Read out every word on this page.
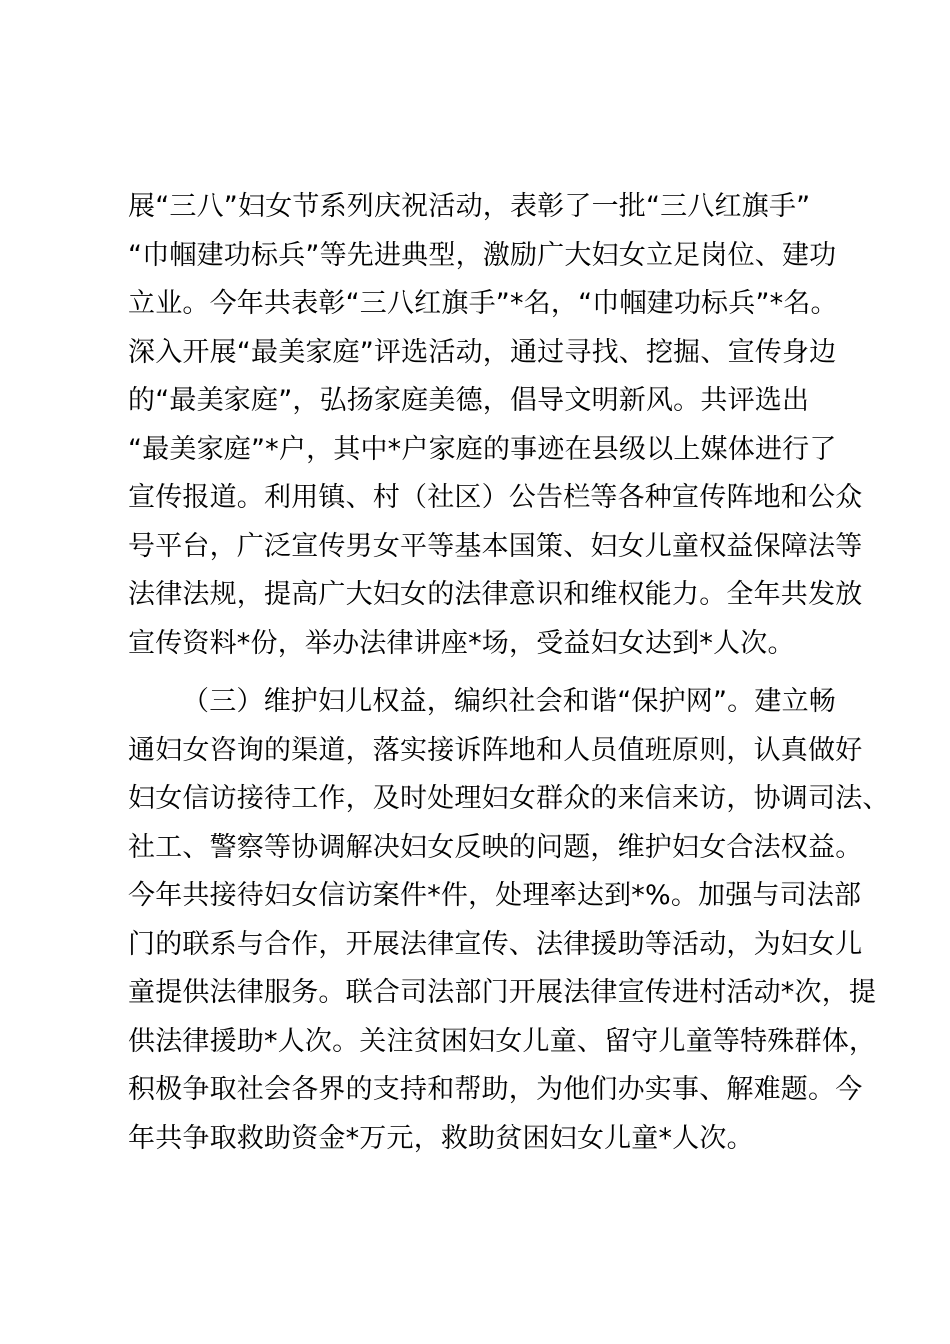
展“三八”妇女节系列庆祝活动，表彰了一批“三八红旗手”
“巾帼建功标兵”等先进典型，激励广大妇女立足岗位、建功
立业。今年共表彰“三八红旗手”*名，“巾帼建功标兵”*名。
深入开展“最美家庭”评选活动，通过寻找、挖掘、宣传身边
的“最美家庭”，弘扬家庭美德，倡导文明新风。共评选出
“最美家庭”*户，其中*户家庭的事迹在县级以上媒体进行了
宣传报道。利用镇、村（社区）公告栏等各种宣传阵地和公众
号平台，广泛宣传男女平等基本国策、妇女儿童权益保障法等
法律法规，提高广大妇女的法律意识和维权能力。全年共发放
宣传资料*份，举办法律讲座*场，受益妇女达到*人次。
（三）维护妇儿权益，编织社会和谐“保护网”。建立畅
通妇女咨询的渠道，落实接诉阵地和人员值班原则，认真做好
妇女信访接待工作，及时处理妇女群众的来信来访，协调司法、
社工、警察等协调解决妇女反映的问题，维护妇女合法权益。
今年共接待妇女信访案件*件，处理率达到*%。加强与司法部
门的联系与合作，开展法律宣传、法律援助等活动，为妇女儿
童提供法律服务。联合司法部门开展法律宣传进村活动*次，提
供法律援助*人次。关注贫困妇女儿童、留守儿童等特殊群体，
积极争取社会各界的支持和帮助，为他们办实事、解难题。今
年共争取救助资金*万元，救助贫困妇女儿童*人次。
